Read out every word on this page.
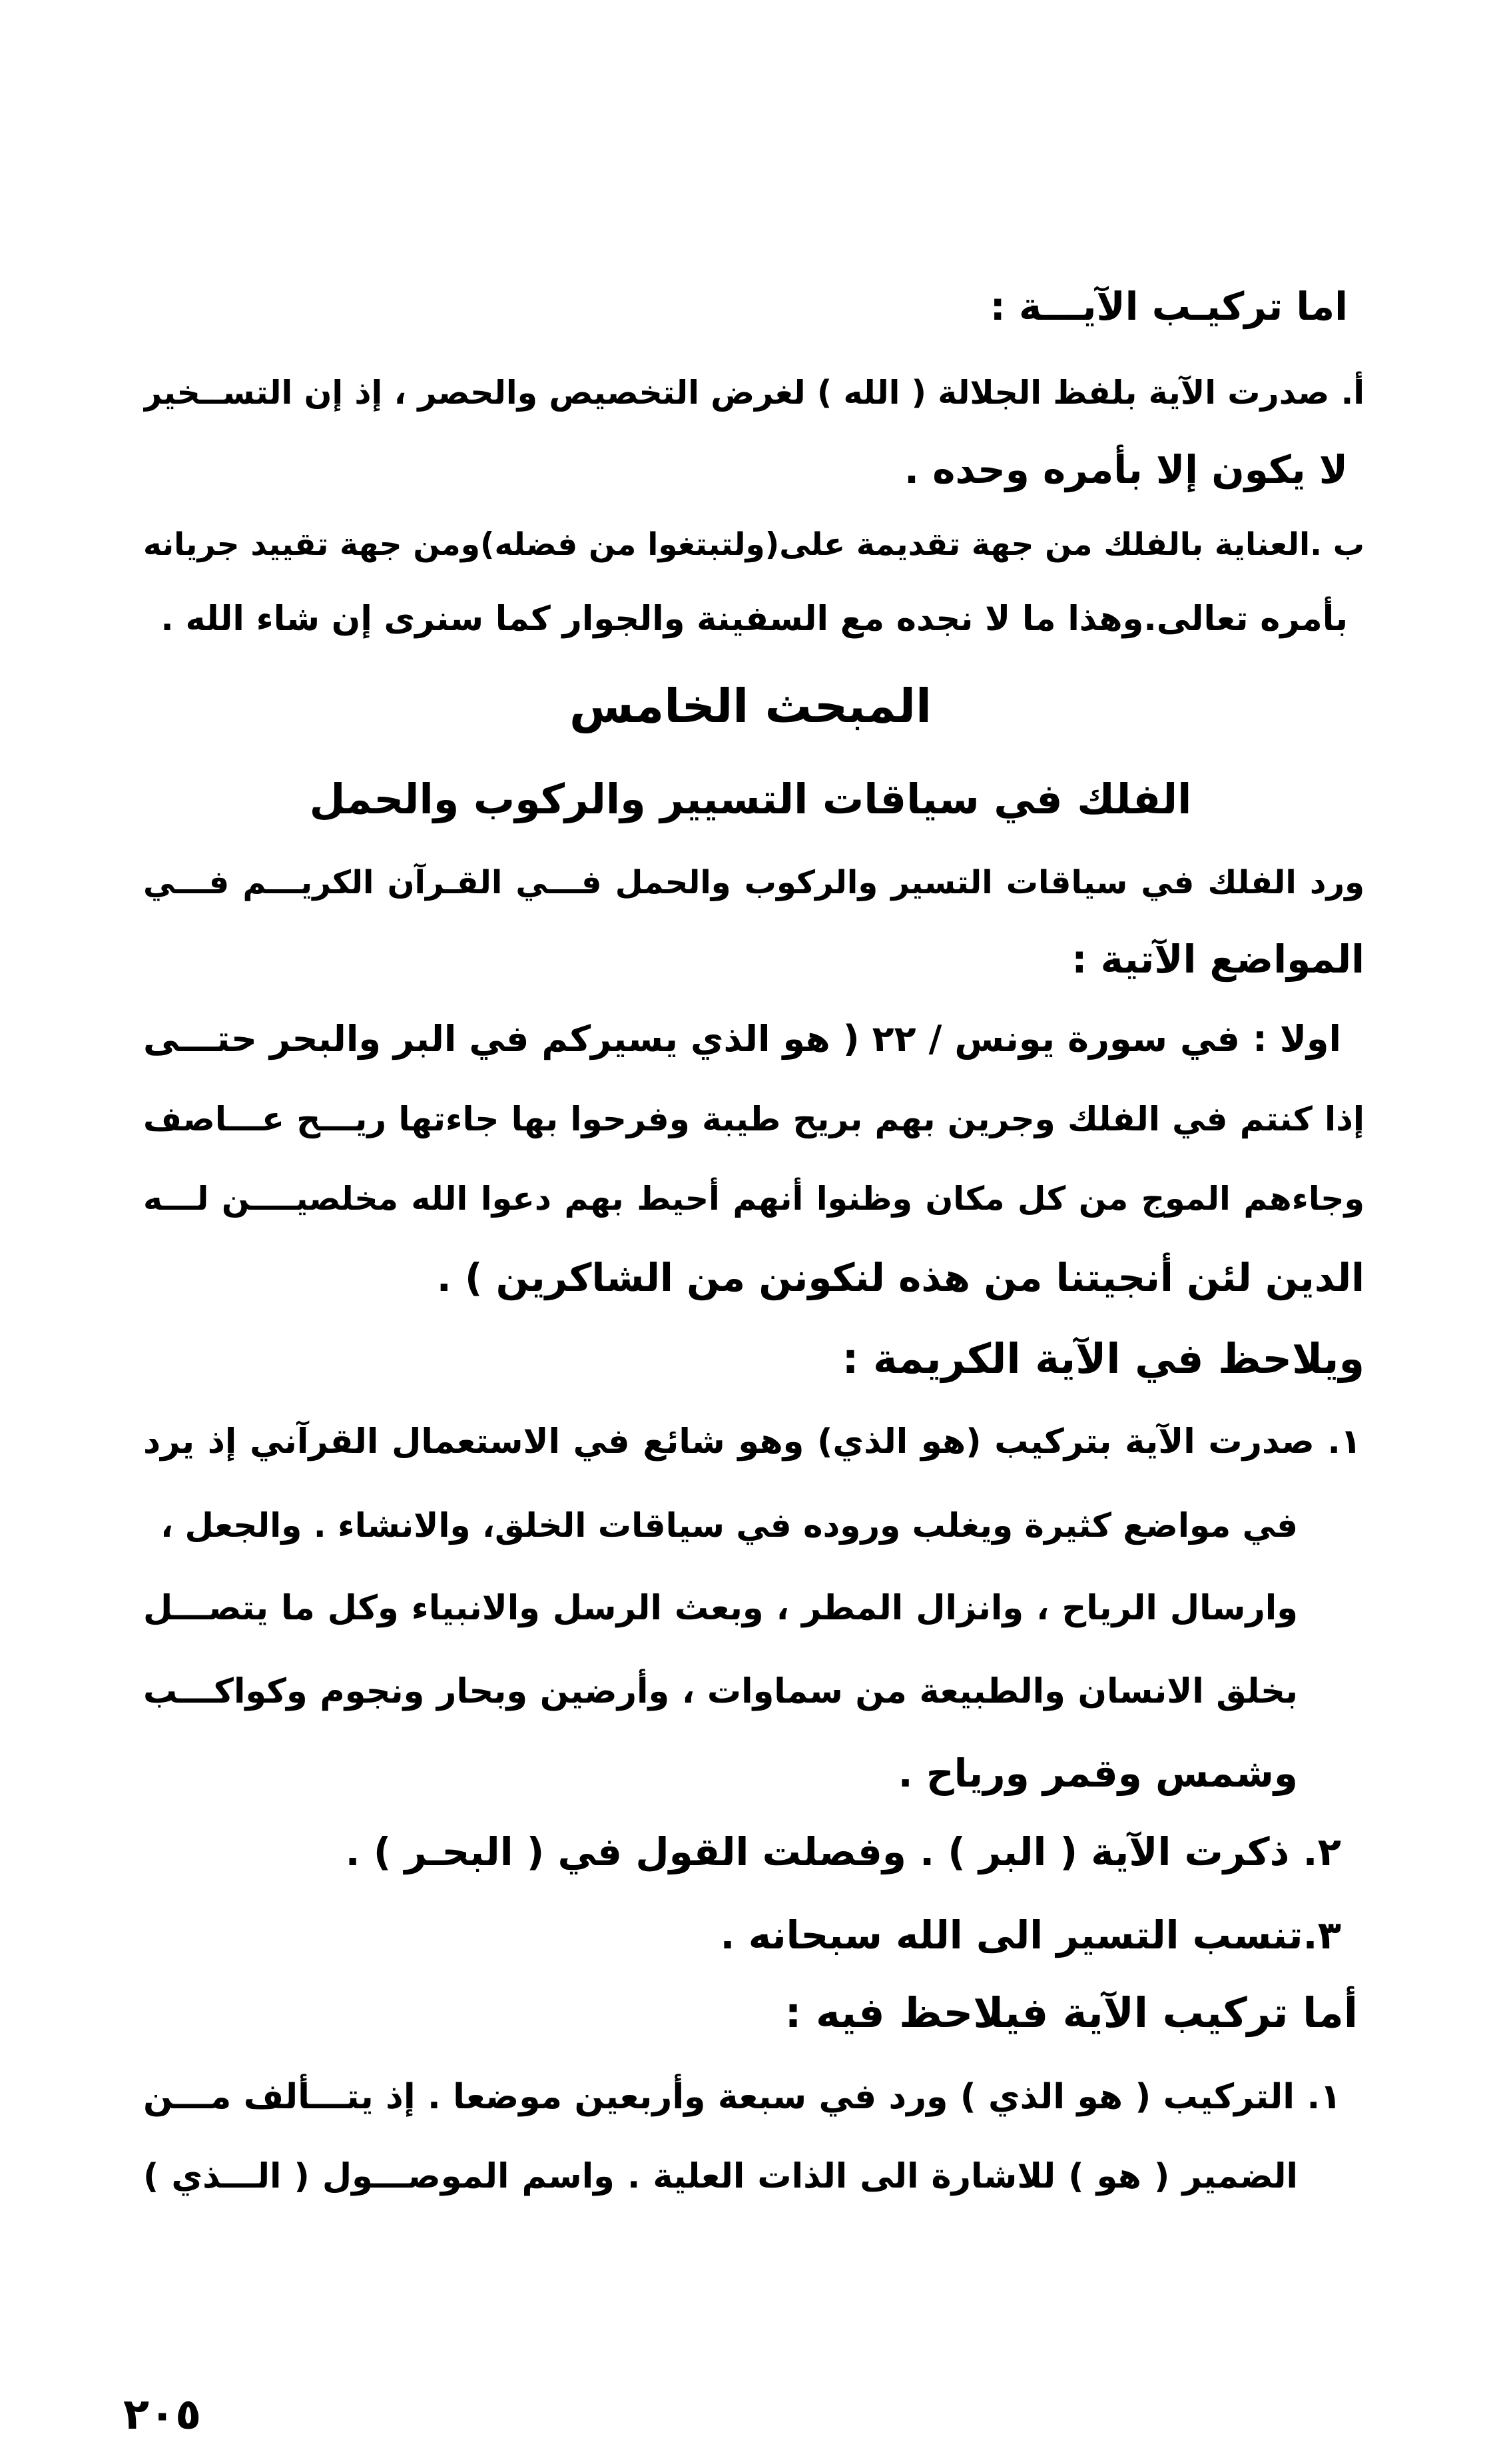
اما تركيـب الآيـــة :
أ. صدرت الآية بلفظ الجلالة ( الله ) لغرض التخصيص والحصر ، إذ إن التســخير
لا يكون إلا بأمره وحده .
ب .العناية بالفلك من جهة تقديمة على(ولتبتغوا من فضله)ومن جهة تقييد جريانه
بأمره تعالى.وهذا ما لا نجده مع السفينة والجوار كما سنرى إن شاء الله .
المبحث الخامس
الفلك في سياقات التسيير والركوب والحمل
ورد الفلك في سياقات التسير والركوب والحمل فـــي القـرآن الكريـــم فـــي
المواضع الآتية :
اولا : في سورة يونس / ٢٢ ( هو الذي يسيركم في البر والبحر حتـــى
إذا كنتم في الفلك وجرين بهم بريح طيبة وفرحوا بها جاءتها ريـــح عـــاصف
وجاءهم الموج من كل مكان وظنوا أنهم أحيط بهم دعوا الله مخلصيــــن لـــه
الدين لئن أنجيتنا من هذه لنكونن من الشاكرين ) .
ويلاحظ في الآية الكريمة :
١. صدرت الآية بتركيب (هو الذي) وهو شائع في الاستعمال القرآني إذ يرد
في مواضع كثيرة ويغلب وروده في سياقات الخلق، والانشاء . والجعل ،
وارسال الرياح ، وانزال المطر ، وبعث الرسل والانبياء وكل ما يتصـــل
بخلق الانسان والطبيعة من سماوات ، وأرضين وبحار ونجوم وكواكـــب
وشمس وقمر ورياح .
٢. ذكرت الآية ( البر ) . وفصلت القول في ( البحـر ) .
٣.تنسب التسير الى الله سبحانه .
أما تركيب الآية فيلاحظ فيه :
١. التركيب ( هو الذي ) ورد في سبعة وأربعين موضعا . إذ يتـــألف مـــن
الضمير ( هو ) للاشارة الى الذات العلية . واسم الموصـــول ( الـــذي )
٢٠٥
